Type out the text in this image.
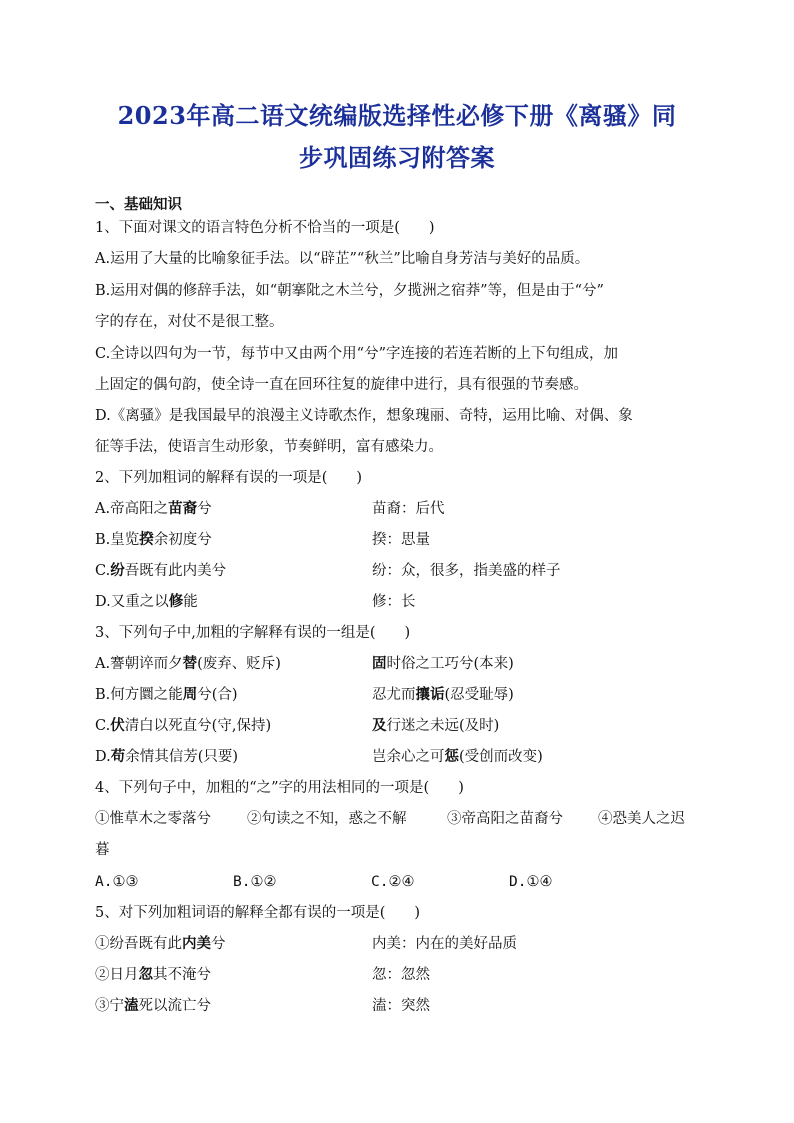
2023年高二语文统编版选择性必修下册《离骚》同
步巩固练习附答案
一、基础知识
1、下面对课文的语言特色分析不恰当的一项是(　　)
A.运用了大量的比喻象征手法。以“辟芷”“秋兰”比喻自身芳洁与美好的品质。
B.运用对偶的修辞手法，如“朝搴阰之木兰兮，夕揽洲之宿莽”等，但是由于“兮”
字的存在，对仗不是很工整。
C.全诗以四句为一节，每节中又由两个用“兮”字连接的若连若断的上下句组成，加
上固定的偶句韵，使全诗一直在回环往复的旋律中进行，具有很强的节奏感。
D.《离骚》是我国最早的浪漫主义诗歌杰作，想象瑰丽、奇特，运用比喻、对偶、象
征等手法，使语言生动形象，节奏鲜明，富有感染力。
2、下列加粗词的解释有误的一项是(　　)
A.帝高阳之苗裔兮	苗裔：后代
B.皇览揆余初度兮	揆：思量
C.纷吾既有此内美兮	纷：众，很多，指美盛的样子
D.又重之以修能	修：长
3、下列句子中,加粗的字解释有误的一组是(　　)
A.謇朝谇而夕替(废弃、贬斥)	固时俗之工巧兮(本来)
B.何方圜之能周兮(合)	忍尤而攘诟(忍受耻辱)
C.伏清白以死直兮(守,保持)	及行迷之未远(及时)
D.苟余情其信芳(只要)	岂余心之可惩(受创而改变)
4、下列句子中，加粗的“之”字的用法相同的一项是(　　)
①惟草木之零落兮 ②句读之不知，惑之不解	③帝高阳之苗裔兮 ④恐美人之迟
暮
A.①③	B.①②	C.②④	D.①④
5、对下列加粗词语的解释全都有误的一项是(　　)
①纷吾既有此内美兮	内美：内在的美好品质
②日月忽其不淹兮	忽：忽然
③宁溘死以流亡兮	溘：突然
